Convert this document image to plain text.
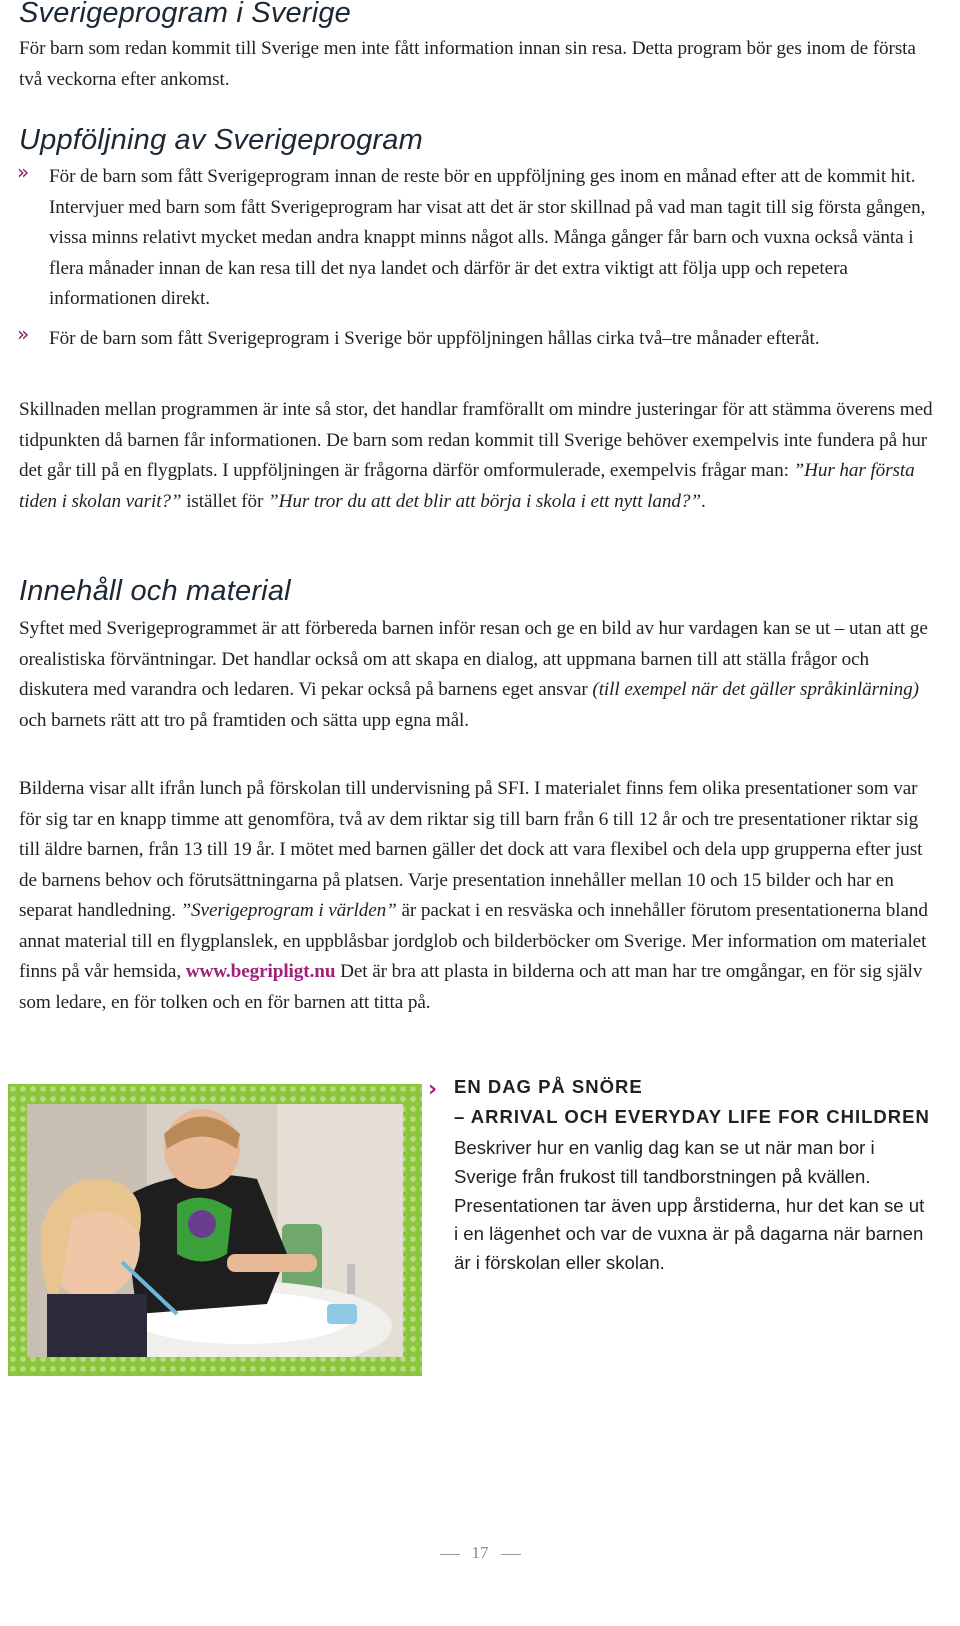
Sverigeprogram i Sverige

För barn som redan kommit till Sverige men inte fått information innan sin resa. Detta program bör ges inom de första två veckorna efter ankomst.

Uppföljning av Sverigeprogram
» För de barn som fått Sverigeprogram innan de reste bör en uppföljning ges inom en månad efter att de kommit hit. Intervjuer med barn som fått Sverigeprogram har visat att det är stor skillnad på vad man tagit till sig första gången, vissa minns relativt mycket medan andra knappt minns något alls. Många gånger får barn och vuxna också vänta i flera månader innan de kan resa till det nya landet och därför är det extra viktigt att följa upp och repetera informationen direkt.

» För de barn som fått Sverigeprogram i Sverige bör uppföljningen hållas cirka två–tre månader efteråt.

Skillnaden mellan programmen är inte så stor, det handlar framförallt om mindre justeringar för att stämma överens med tidpunkten då barnen får informationen. De barn som redan kommit till Sverige behöver exempelvis inte fundera på hur det går till på en flygplats. I uppföljningen är frågorna därför omformulerade, exempelvis frågar man: ”Hur har första tiden i skolan varit?” istället för ”Hur tror du att det blir att börja i skola i ett nytt land?”.

Innehåll och material

Syftet med Sverigeprogrammet är att förbereda barnen inför resan och ge en bild av hur vardagen kan se ut – utan att ge orealistiska förväntningar. Det handlar också om att skapa en dialog, att uppmana barnen till att ställa frågor och diskutera med varandra och ledaren. Vi pekar också på barnens eget ansvar (till exempel när det gäller språkinlärning) och barnets rätt att tro på framtiden och sätta upp egna mål.

Bilderna visar allt ifrån lunch på förskolan till undervisning på SFI. I materialet finns fem olika presentationer som var för sig tar en knapp timme att genomföra, två av dem riktar sig till barn från 6 till 12 år och tre presentationer riktar sig till äldre barnen, från 13 till 19 år. I mötet med barnen gäller det dock att vara flexibel och dela upp grupperna efter just de barnens behov och förutsättningarna på platsen. Varje presentation innehåller mellan 10 och 15 bilder och har en separat handledning. ”Sverigeprogram i världen” är packat i en resväska och innehåller förutom presentationerna bland annat material till en flygplanslek, en uppblåsbar jordglob och bilderböcker om Sverige. Mer information om materialet finns på vår hemsida, www.begripligt.nu Det är bra att plasta in bilderna och att man har tre omgångar, en för sig själv som ledare, en för tolken och en för barnen att titta på.

› EN DAG PÅ SNÖRE

– ARRIVAL OCH EVERYDAY LIFE FOR CHILDREN

Beskriver hur en vanlig dag kan se ut när man bor i Sverige från frukost till tandborstningen på kvällen. Presentationen tar även upp årstiderna, hur det kan se ut i en lägenhet och var de vuxna är på dagarna när barnen är i förskolan eller skolan.

17
